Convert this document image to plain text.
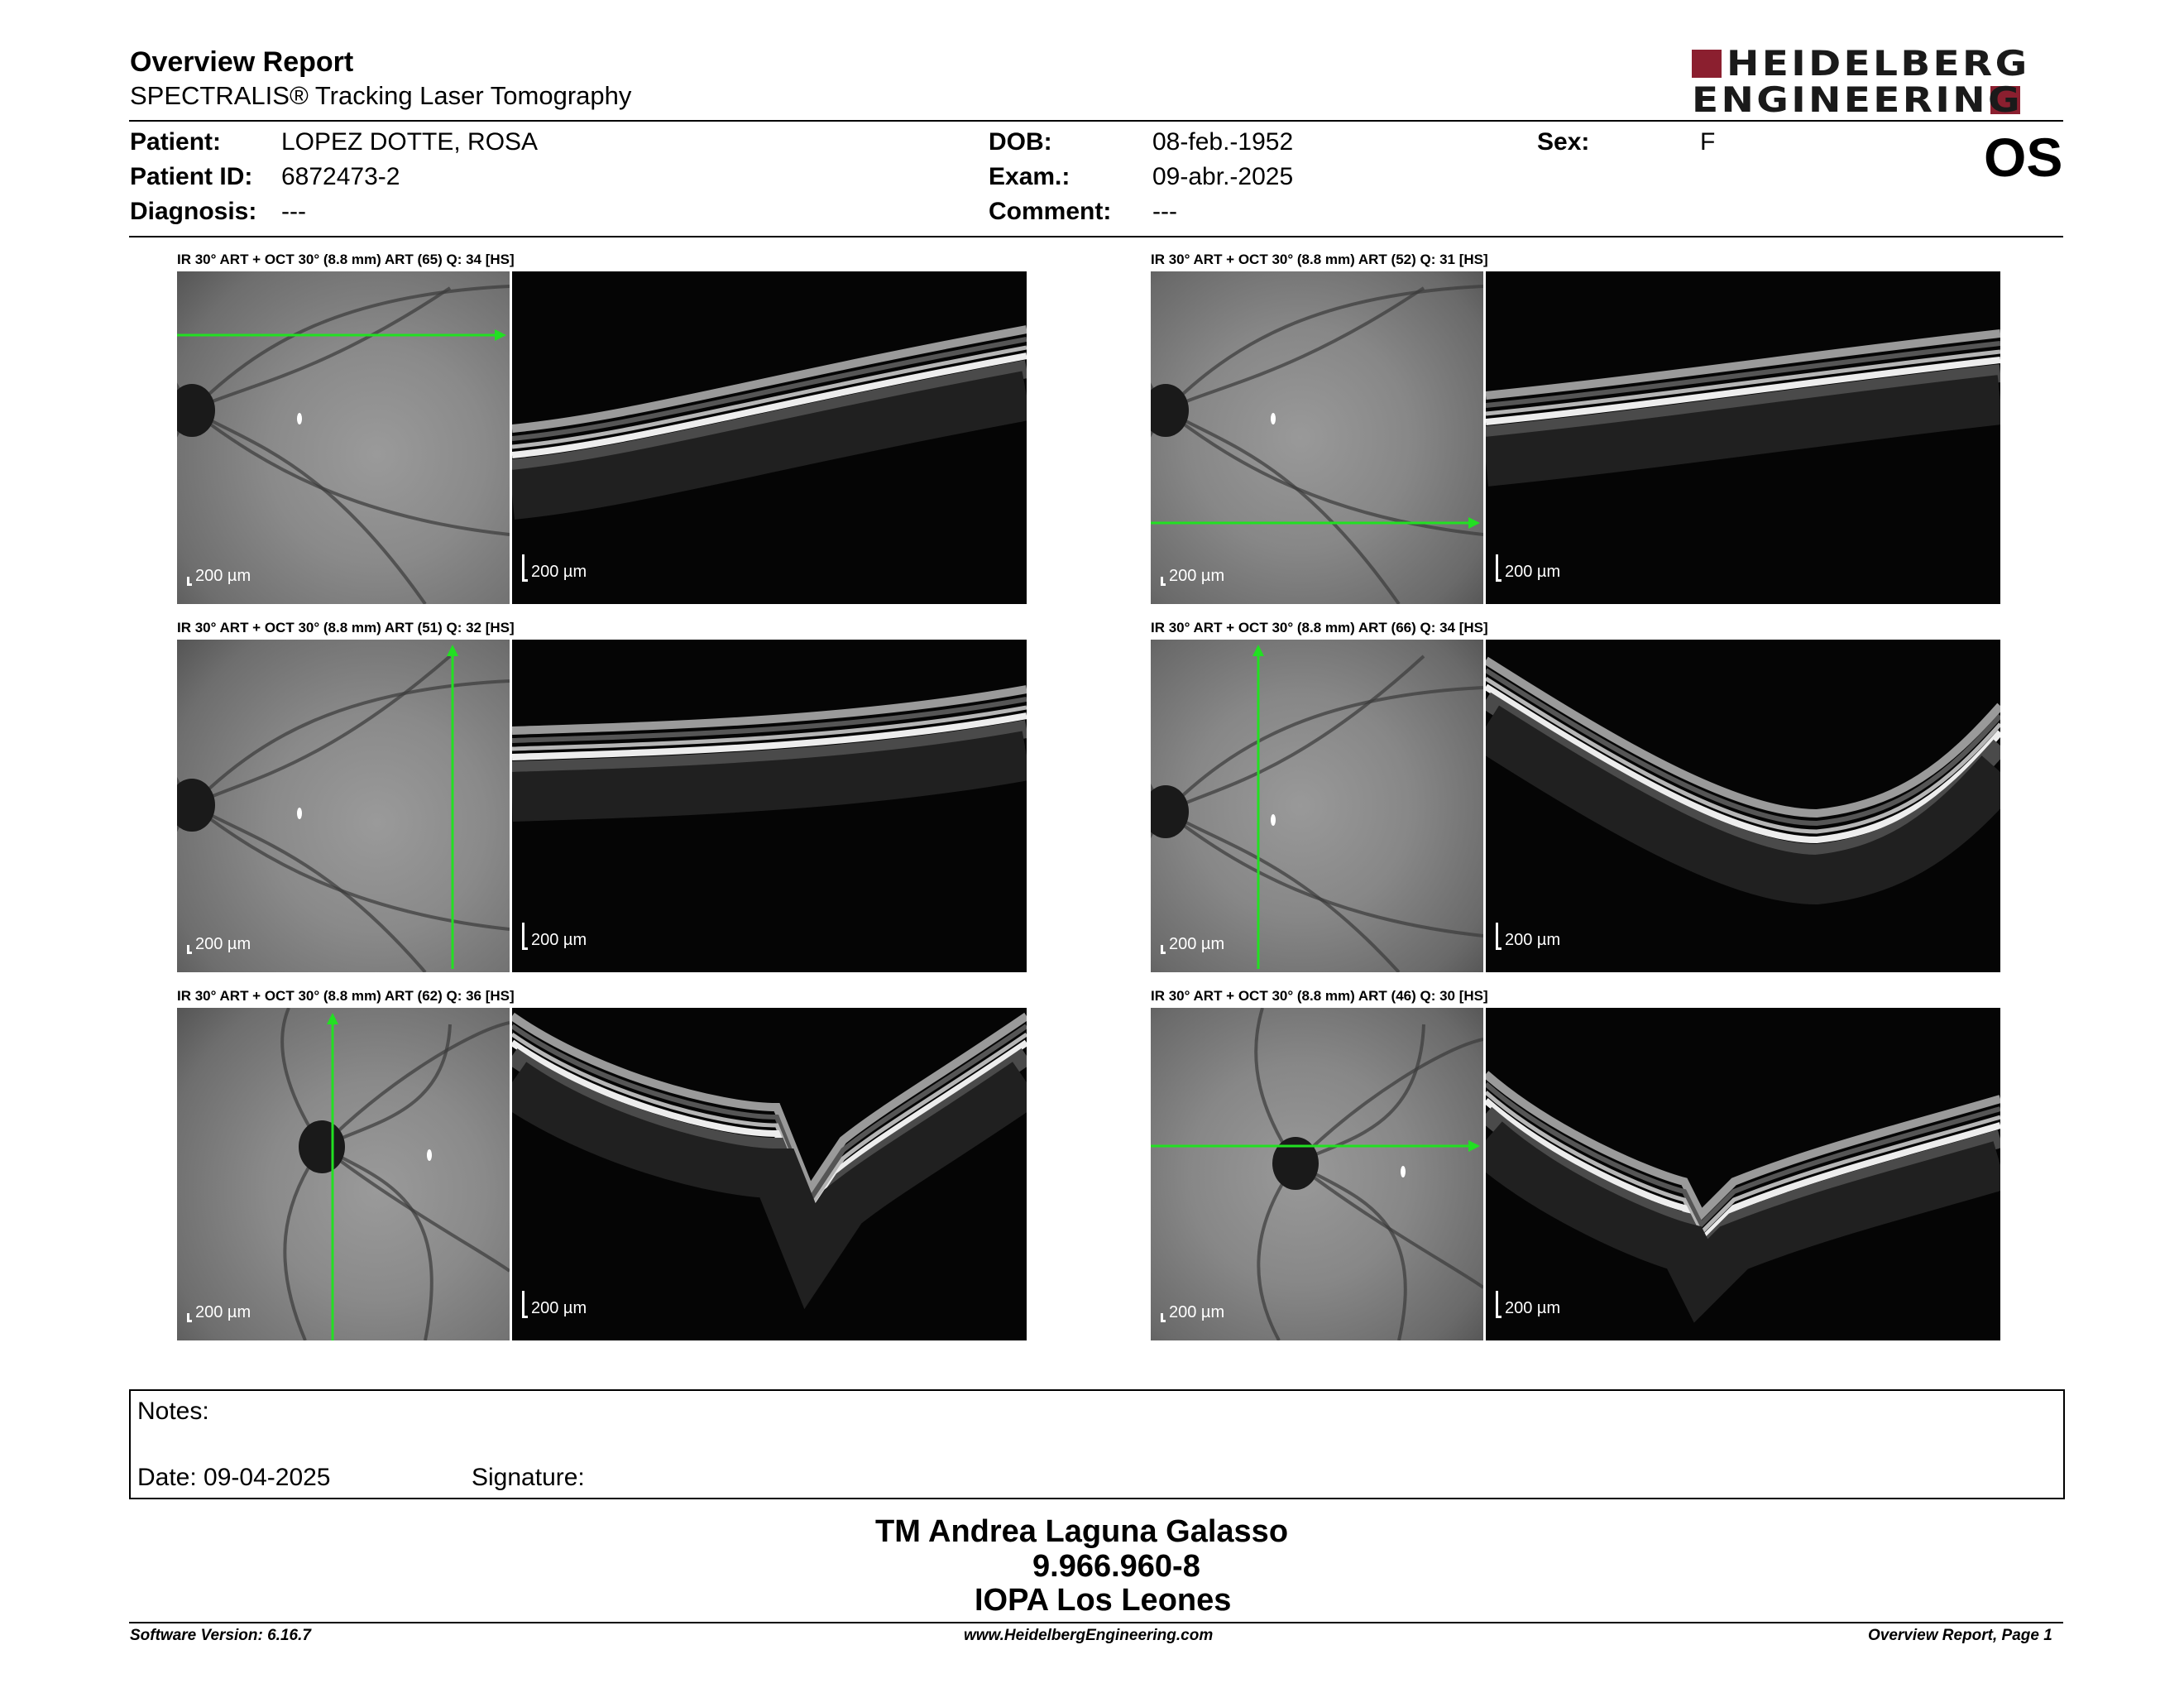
Overview Report
SPECTRALIS® Tracking Laser Tomography
HEIDELBERG
ENGINEERING
Patient: LOPEZ DOTTE, ROSA
Patient ID: 6872473-2
Diagnosis: ---
DOB:	08-feb.-1952
Exam.:	09-abr.-2025
Comment: ---
Sex:	F	OS
IR 30° ART + OCT 30° (8.8 mm) ART (65) Q: 34 [HS]
200 µm	200 µm
IR 30° ART + OCT 30° (8.8 mm) ART (52) Q: 31 [HS]
200 µm	200 µm
IR 30° ART + OCT 30° (8.8 mm) ART (51) Q: 32 [HS]
200 µm	200 µm
IR 30° ART + OCT 30° (8.8 mm) ART (66) Q: 34 [HS]
200 µm	200 µm
IR 30° ART + OCT 30° (8.8 mm) ART (62) Q: 36 [HS]
200 µm	200 µm
IR 30° ART + OCT 30° (8.8 mm) ART (46) Q: 30 [HS]
200 µm	200 µm
Notes:
Date: 09-04-2025	Signature:
TM Andrea Laguna Galasso
9.966.960-8
IOPA Los Leones
Software Version: 6.16.7	www.HeidelbergEngineering.com	Overview Report, Page 1
